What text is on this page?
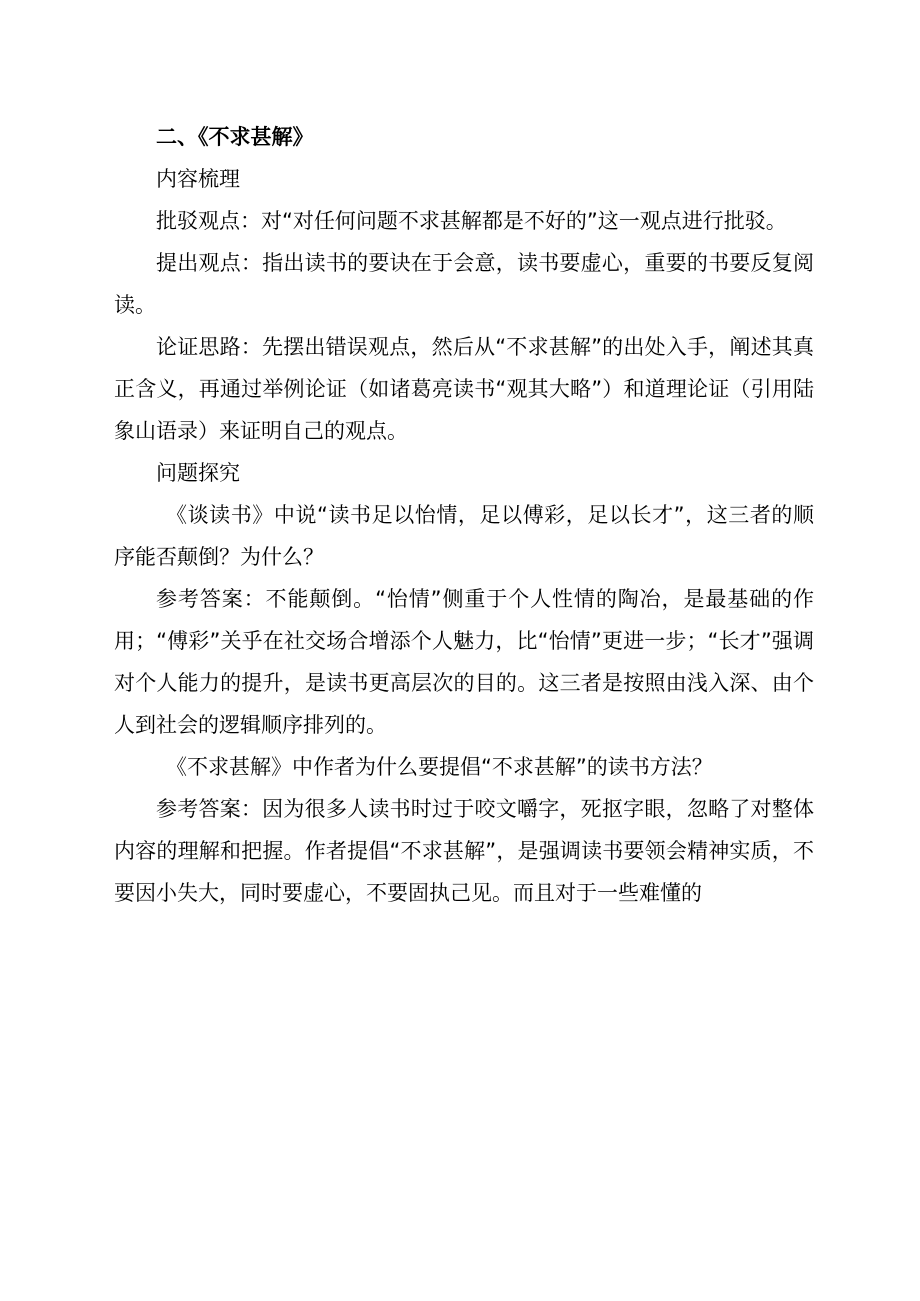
二、《不求甚解》

内容梳理

批驳观点：对“对任何问题不求甚解都是不好的”这一观点进行批驳。

提出观点：指出读书的要诀在于会意，读书要虚心，重要的书要反复阅读。

论证思路：先摆出错误观点，然后从“不求甚解”的出处入手，阐述其真正含义，再通过举例论证（如诸葛亮读书“观其大略”）和道理论证（引用陆象山语录）来证明自己的观点。

问题探究

《谈读书》中说“读书足以怡情，足以傅彩，足以长才”，这三者的顺序能否颠倒？为什么？

参考答案：不能颠倒。“怡情”侧重于个人性情的陶冶，是最基础的作用；“傅彩”关乎在社交场合增添个人魅力，比“怡情”更进一步；“长才”强调对个人能力的提升，是读书更高层次的目的。这三者是按照由浅入深、由个人到社会的逻辑顺序排列的。

《不求甚解》中作者为什么要提倡“不求甚解”的读书方法？

参考答案：因为很多人读书时过于咬文嚼字，死抠字眼，忽略了对整体内容的理解和把握。作者提倡“不求甚解”，是强调读书要领会精神实质，不要因小失大，同时要虚心，不要固执己见。而且对于一些难懂的
